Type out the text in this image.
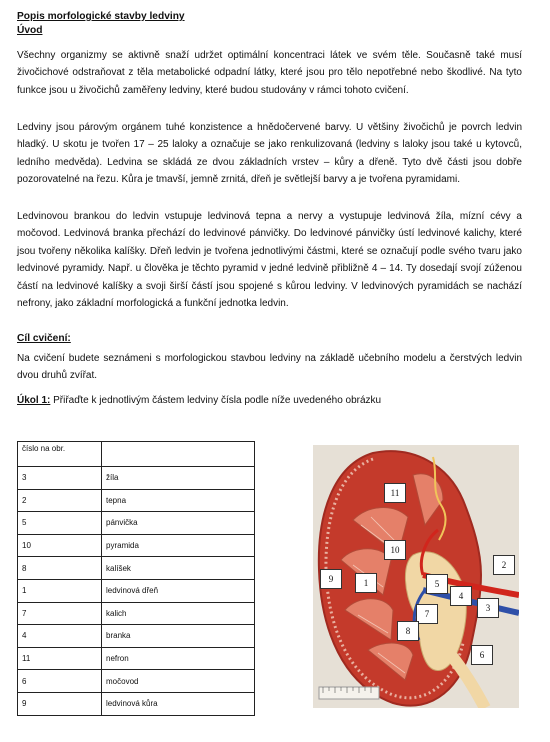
Popis morfologické stavby ledviny
Úvod

Všechny organizmy se aktivně snaží udržet optimální koncentraci látek ve svém těle. Současně také musí živočichové odstraňovat z těla metabolické odpadní látky, které jsou pro tělo nepotřebné nebo škodlivé. Na tyto funkce jsou u živočichů zaměřeny ledviny, které budou studovány v rámci tohoto cvičení.

Ledviny jsou párovým orgánem tuhé konzistence a hnědočervené barvy. U většiny živočichů je povrch ledvin hladký. U skotu je tvořen 17 – 25 laloky a označuje se jako renkulizovaná (ledviny s laloky jsou také u kytovců, ledního medvěda). Ledvina se skládá ze dvou základních vrstev – kůry a dřeně. Tyto dvě části jsou dobře pozorovatelné na řezu. Kůra je tmavší, jemně zrnitá, dřeň je světlejší barvy a je tvořena pyramidami.

Ledvinovou brankou do ledvin vstupuje ledvinová tepna a nervy a vystupuje ledvinová žíla, mízní cévy a močovod. Ledvinová branka přechází do ledvinové pánvičky. Do ledvinové pánvičky ústí ledvinové kalichy, které jsou tvořeny několika kalíšky. Dřeň ledvin je tvořena jednotlivými částmi, které se označují podle svého tvaru jako ledvinové pyramidy. Např. u člověka je těchto pyramid v jedné ledvině přibližně 4 – 14. Ty dosedají svojí zúženou částí na ledvinové kalíšky a svoji širší částí jsou spojené s kůrou ledviny. V ledvinových pyramidách se nachází nefrony, jako základní morfologická a funkční jednotka ledvin.

Cíl cvičení:

Na cvičení budete seznámeni s morfologickou stavbou ledviny na základě učebního modelu a čerstvých ledvin dvou druhů zvířat.

Úkol 1: Přiřaďte k jednotlivým částem ledviny čísla podle níže uvedeného obrázku
číslo na obr.	
3	žíla
2	tepna
5	pánvička
10	pyramida
8	kalíšek
1	ledvinová dřeň
7	kalich
4	branka
11	nefron
6	močovod
9	ledvinová kůra
11
10
9	1	5
4
2
3
7
8
6
